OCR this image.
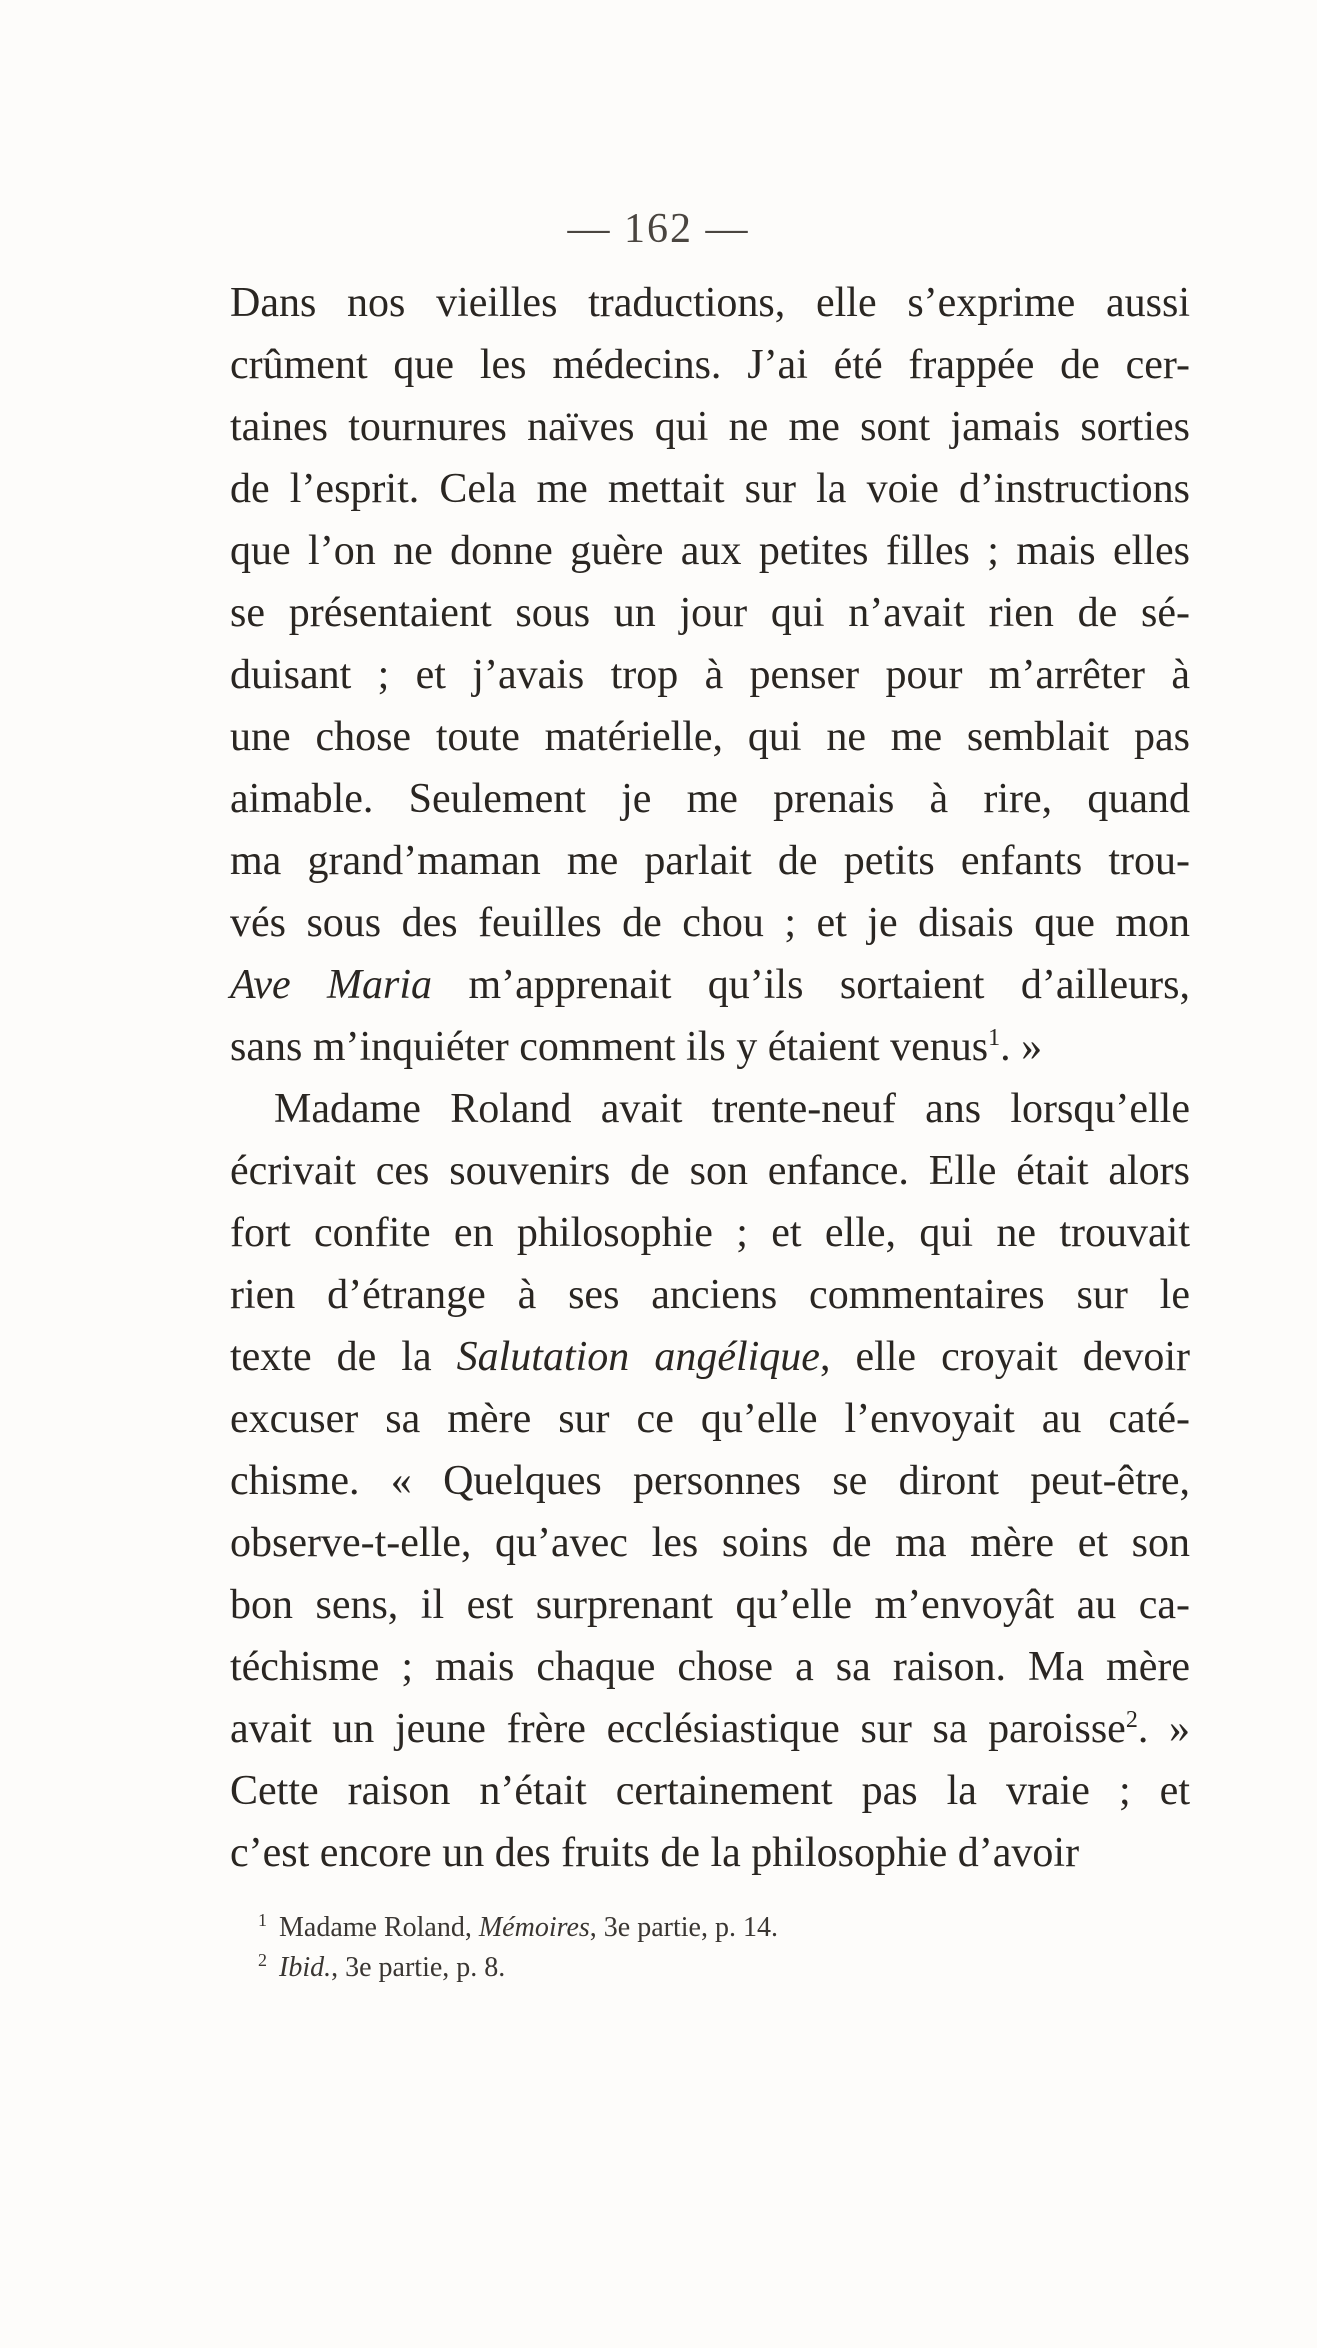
— 162 —
Dans nos vieilles traductions, elle s’exprime aussi
crûment que les médecins. J’ai été frappée de cer-
taines tournures naïves qui ne me sont jamais sorties
de l’esprit. Cela me mettait sur la voie d’instructions
que l’on ne donne guère aux petites filles ; mais elles
se présentaient sous un jour qui n’avait rien de sé-
duisant ; et j’avais trop à penser pour m’arrêter à
une chose toute matérielle, qui ne me semblait pas
aimable. Seulement je me prenais à rire, quand
ma grand’maman me parlait de petits enfants trou-
vés sous des feuilles de chou ; et je disais que mon
Ave Maria m’apprenait qu’ils sortaient d’ailleurs,
sans m’inquiéter comment ils y étaient venus$^1$. »
Madame Roland avait trente-neuf ans lorsqu’elle
écrivait ces souvenirs de son enfance. Elle était alors
fort confite en philosophie ; et elle, qui ne trouvait
rien d’étrange à ses anciens commentaires sur le
texte de la Salutation angélique, elle croyait devoir
excuser sa mère sur ce qu’elle l’envoyait au caté-
chisme. « Quelques personnes se diront peut-être,
observe-t-elle, qu’avec les soins de ma mère et son
bon sens, il est surprenant qu’elle m’envoyât au ca-
téchisme ; mais chaque chose a sa raison. Ma mère
avait un jeune frère ecclésiastique sur sa paroisse$^2$. »
Cette raison n’était certainement pas la vraie ; et
c’est encore un des fruits de la philosophie d’avoir
$^1$ Madame Roland, Mémoires, 3e partie, p. 14.
$^2$ Ibid., 3e partie, p. 8.
